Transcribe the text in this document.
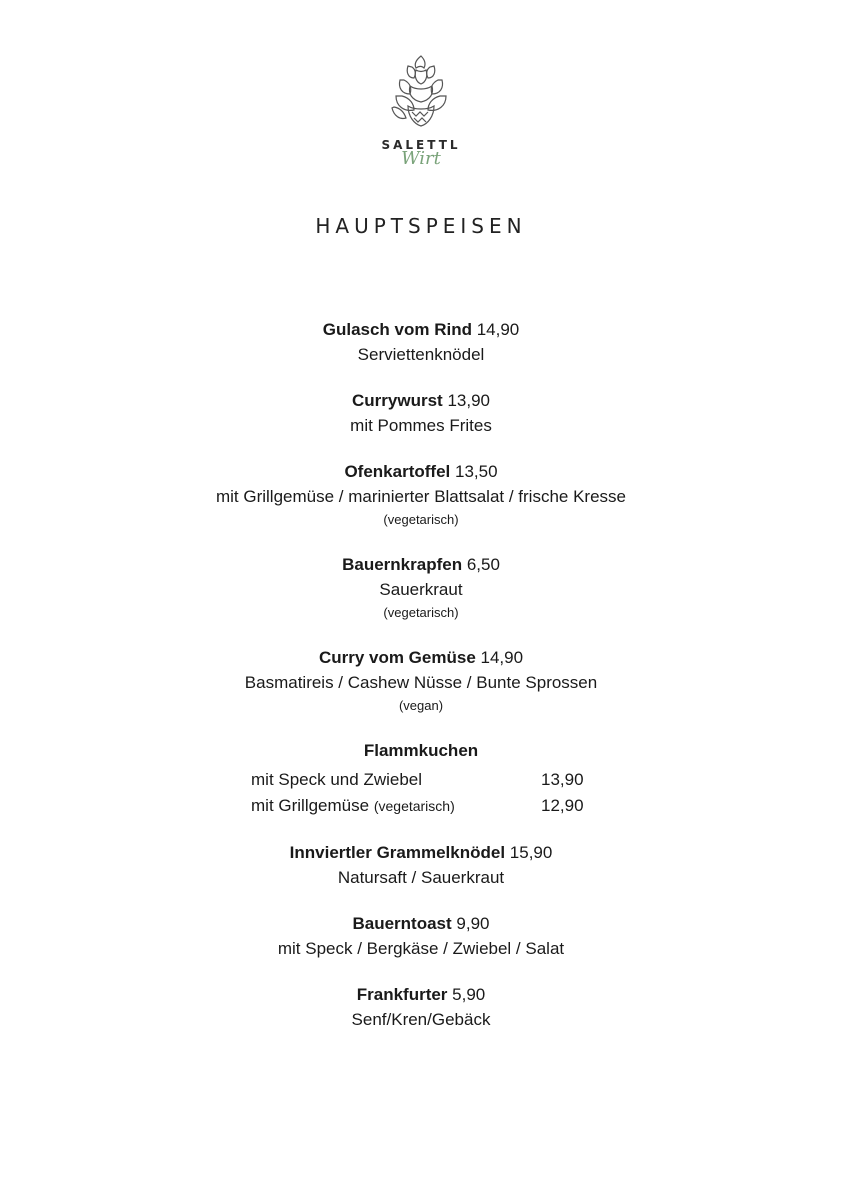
SALETTL
Wirt
HAUPTSPEISEN
Gulasch vom Rind 14,90
Serviettenknödel
Currywurst 13,90
mit Pommes Frites
Ofenkartoffel 13,50
mit Grillgemüse / marinierter Blattsalat / frische Kresse
(vegetarisch)
Bauernkrapfen 6,50
Sauerkraut
(vegetarisch)
Curry vom Gemüse 14,90
Basmatireis / Cashew Nüsse / Bunte Sprossen
(vegan)
Flammkuchen
mit Speck und Zwiebel	13,90
mit Grillgemüse (vegetarisch)	12,90
Innviertler Grammelknödel 15,90
Natursaft / Sauerkraut
Bauerntoast 9,90
mit Speck / Bergkäse / Zwiebel / Salat
Frankfurter 5,90
Senf/Kren/Gebäck
